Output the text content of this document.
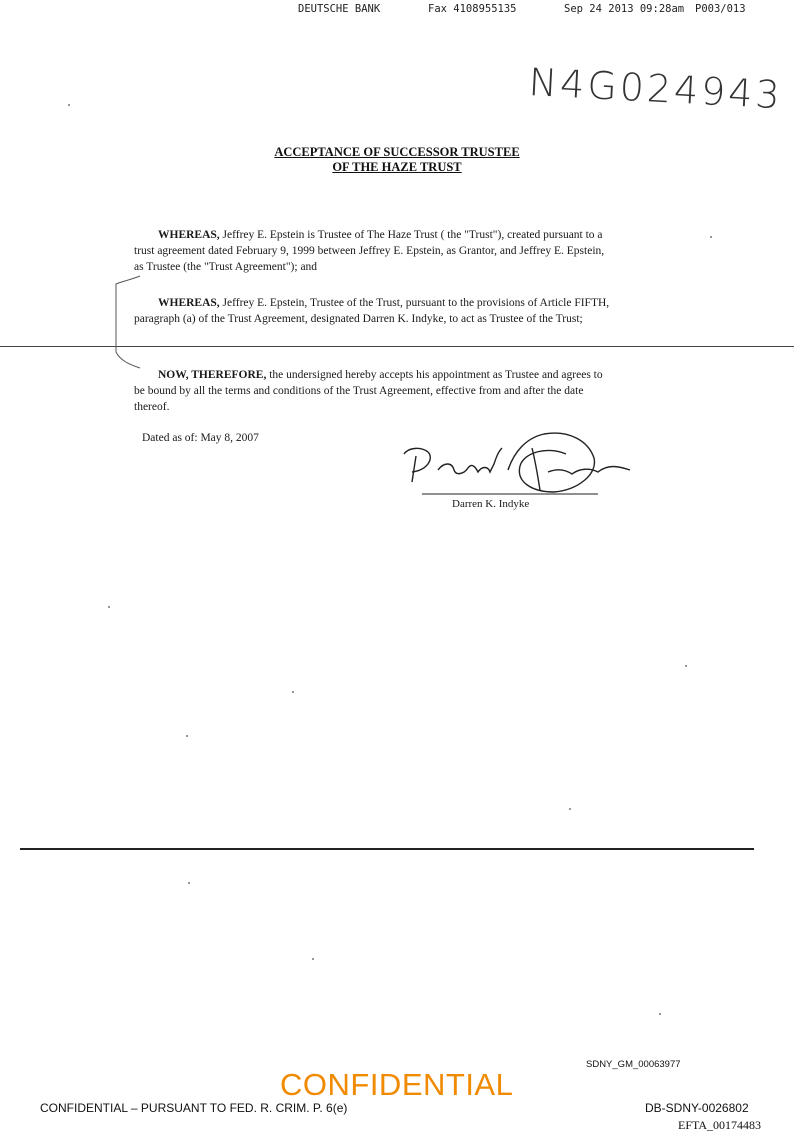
DEUTSCHE BANK	Fax 4108955135	Sep 24 2013 09:28am P003/013
N4G024943
ACCEPTANCE OF SUCCESSOR TRUSTEE
OF THE HAZE TRUST
WHEREAS, Jeffrey E. Epstein is Trustee of The Haze Trust ( the "Trust"), created pursuant to a trust agreement dated February 9, 1999 between Jeffrey E. Epstein, as Grantor, and Jeffrey E. Epstein, as Trustee (the "Trust Agreement"); and
WHEREAS, Jeffrey E. Epstein, Trustee of the Trust, pursuant to the provisions of Article FIFTH, paragraph (a) of the Trust Agreement, designated Darren K. Indyke, to act as Trustee of the Trust;
NOW, THEREFORE, the undersigned hereby accepts his appointment as Trustee and agrees to be bound by all the terms and conditions of the Trust Agreement, effective from and after the date thereof.
Dated as of: May 8, 2007
Darren K. Indyke
SDNY_GM_00063977
CONFIDENTIAL – PURSUANT TO FED. R. CRIM. P. 6(e)
CONFIDENTIAL
DB-SDNY-0026802
EFTA_00174483
